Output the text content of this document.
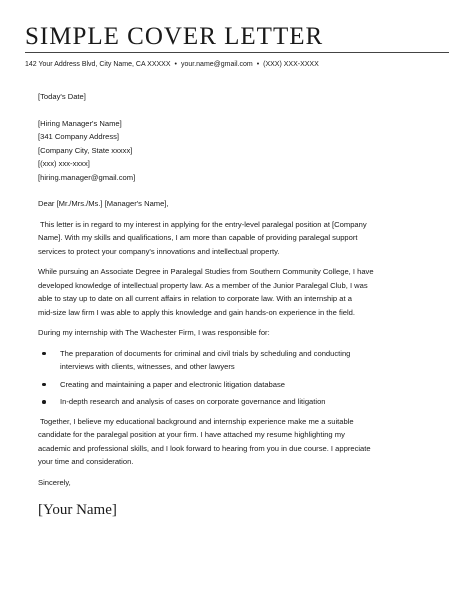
SIMPLE COVER LETTER
142 Your Address Blvd, City Name, CA XXXXX • your.name@gmail.com • (XXX) XXX-XXXX
[Today's Date]
[Hiring Manager's Name]
[341 Company Address]
[Company City, State xxxxx]
[(xxx) xxx-xxxx]
[hiring.manager@gmail.com]
Dear [Mr./Mrs./Ms.] [Manager's Name],
This letter is in regard to my interest in applying for the entry-level paralegal position at [Company
Name]. With my skills and qualifications, I am more than capable of providing paralegal support
services to protect your company's innovations and intellectual property.
While pursuing an Associate Degree in Paralegal Studies from Southern Community College, I have
developed knowledge of intellectual property law. As a member of the Junior Paralegal Club, I was
able to stay up to date on all current affairs in relation to corporate law. With an internship at a
mid-size law firm I was able to apply this knowledge and gain hands-on experience in the field.
During my internship with The Wachester Firm, I was responsible for:
The preparation of documents for criminal and civil trials by scheduling and conducting
interviews with clients, witnesses, and other lawyers
Creating and maintaining a paper and electronic litigation database
In-depth research and analysis of cases on corporate governance and litigation
Together, I believe my educational background and internship experience make me a suitable
candidate for the paralegal position at your firm. I have attached my resume highlighting my
academic and professional skills, and I look forward to hearing from you in due course. I appreciate
your time and consideration.
Sincerely,
[Your Name]
